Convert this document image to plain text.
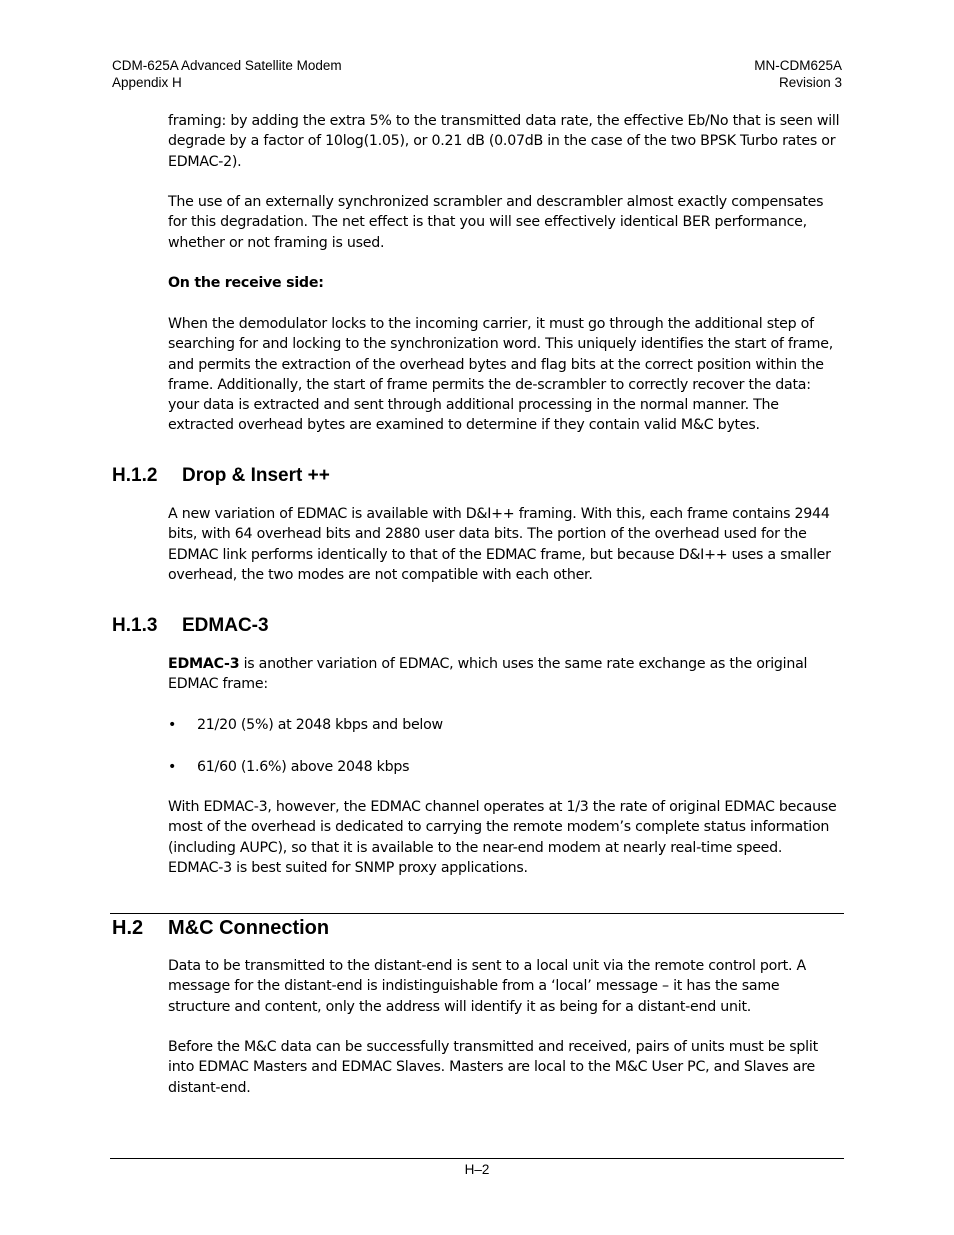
CDM-625A Advanced Satellite Modem
Appendix H
MN-CDM625A
Revision 3

framing: by adding the extra 5% to the transmitted data rate, the effective Eb/No that is seen will degrade by a factor of 10log(1.05), or 0.21 dB (0.07dB in the case of the two BPSK Turbo rates or EDMAC-2).

The use of an externally synchronized scrambler and descrambler almost exactly compensates for this degradation. The net effect is that you will see effectively identical BER performance, whether or not framing is used.

On the receive side:

When the demodulator locks to the incoming carrier, it must go through the additional step of searching for and locking to the synchronization word. This uniquely identifies the start of frame, and permits the extraction of the overhead bytes and flag bits at the correct position within the frame. Additionally, the start of frame permits the de-scrambler to correctly recover the data: your data is extracted and sent through additional processing in the normal manner. The extracted overhead bytes are examined to determine if they contain valid M&C bytes.

H.1.2 Drop & Insert ++

A new variation of EDMAC is available with D&I++ framing. With this, each frame contains 2944 bits, with 64 overhead bits and 2880 user data bits. The portion of the overhead used for the EDMAC link performs identically to that of the EDMAC frame, but because D&I++ uses a smaller overhead, the two modes are not compatible with each other.

H.1.3 EDMAC-3

EDMAC-3 is another variation of EDMAC, which uses the same rate exchange as the original EDMAC frame:

• 21/20 (5%) at 2048 kbps and below
• 61/60 (1.6%) above 2048 kbps

With EDMAC-3, however, the EDMAC channel operates at 1/3 the rate of original EDMAC because most of the overhead is dedicated to carrying the remote modem’s complete status information (including AUPC), so that it is available to the near-end modem at nearly real-time speed. EDMAC-3 is best suited for SNMP proxy applications.

H.2 M&C Connection

Data to be transmitted to the distant-end is sent to a local unit via the remote control port. A message for the distant-end is indistinguishable from a ‘local’ message – it has the same structure and content, only the address will identify it as being for a distant-end unit.

Before the M&C data can be successfully transmitted and received, pairs of units must be split into EDMAC Masters and EDMAC Slaves. Masters are local to the M&C User PC, and Slaves are distant-end.

H–2
